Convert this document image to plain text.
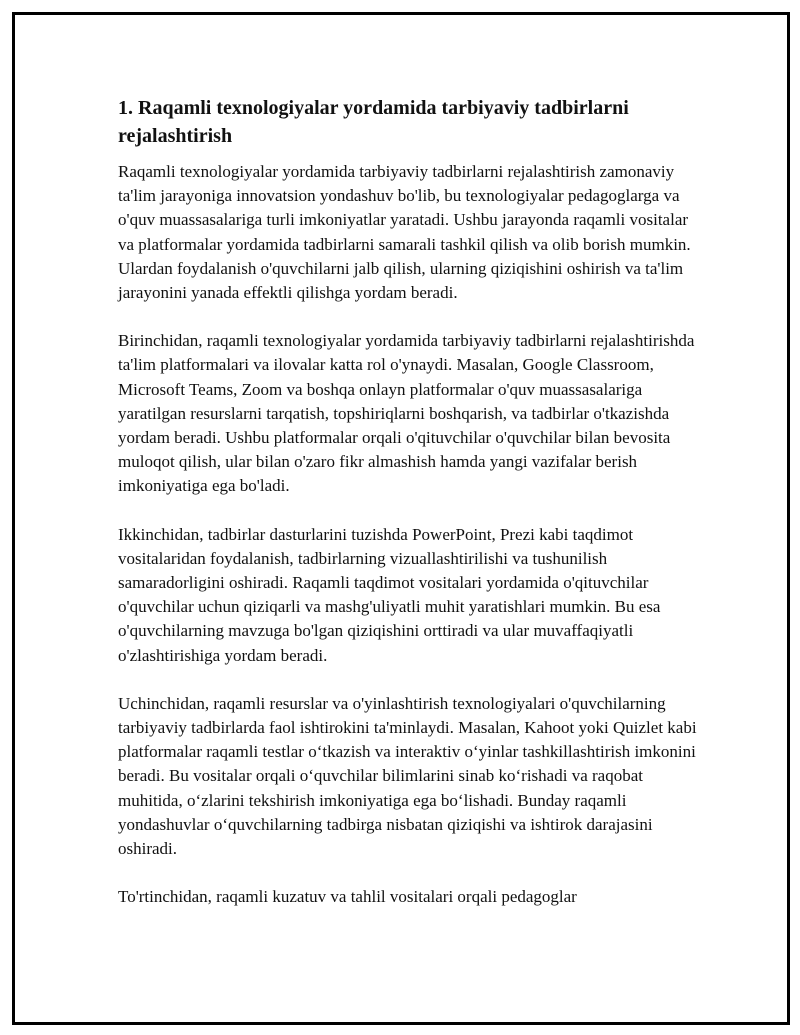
1. Raqamli texnologiyalar yordamida tarbiyaviy tadbirlarni rejalashtirish

Raqamli texnologiyalar yordamida tarbiyaviy tadbirlarni rejalashtirish zamonaviy ta'lim jarayoniga innovatsion yondashuv bo'lib, bu texnologiyalar pedagoglarga va o'quv muassasalariga turli imkoniyatlar yaratadi. Ushbu jarayonda raqamli vositalar va platformalar yordamida tadbirlarni samarali tashkil qilish va olib borish mumkin. Ulardan foydalanish o'quvchilarni jalb qilish, ularning qiziqishini oshirish va ta'lim jarayonini yanada effektli qilishga yordam beradi.

Birinchidan, raqamli texnologiyalar yordamida tarbiyaviy tadbirlarni rejalashtirishda ta'lim platformalari va ilovalar katta rol o'ynaydi. Masalan, Google Classroom, Microsoft Teams, Zoom va boshqa onlayn platformalar o'quv muassasalariga yaratilgan resurslarni tarqatish, topshiriqlarni boshqarish, va tadbirlar o'tkazishda yordam beradi. Ushbu platformalar orqali o'qituvchilar o'quvchilar bilan bevosita muloqot qilish, ular bilan o'zaro fikr almashish hamda yangi vazifalar berish imkoniyatiga ega bo'ladi.

Ikkinchidan, tadbirlar dasturlarini tuzishda PowerPoint, Prezi kabi taqdimot vositalaridan foydalanish, tadbirlarning vizuallashtirilishi va tushunilish samaradorligini oshiradi. Raqamli taqdimot vositalari yordamida o'qituvchilar o'quvchilar uchun qiziqarli va mashg'uliyatli muhit yaratishlari mumkin. Bu esa o'quvchilarning mavzuga bo'lgan qiziqishini orttiradi va ular muvaffaqiyatli o'zlashtirishiga yordam beradi.

Uchinchidan, raqamli resurslar va o'yinlashtirish texnologiyalari o'quvchilarning tarbiyaviy tadbirlarda faol ishtirokini ta'minlaydi. Masalan, Kahoot yoki Quizlet kabi platformalar raqamli testlar o‘tkazish va interaktiv o‘yinlar tashkillashtirish imkonini beradi. Bu vositalar orqali o‘quvchilar bilimlarini sinab ko‘rishadi va raqobat muhitida, o‘zlarini tekshirish imkoniyatiga ega bo‘lishadi. Bunday raqamli yondashuvlar o‘quvchilarning tadbirga nisbatan qiziqishi va ishtirok darajasini oshiradi.

To'rtinchidan, raqamli kuzatuv va tahlil vositalari orqali pedagoglar
